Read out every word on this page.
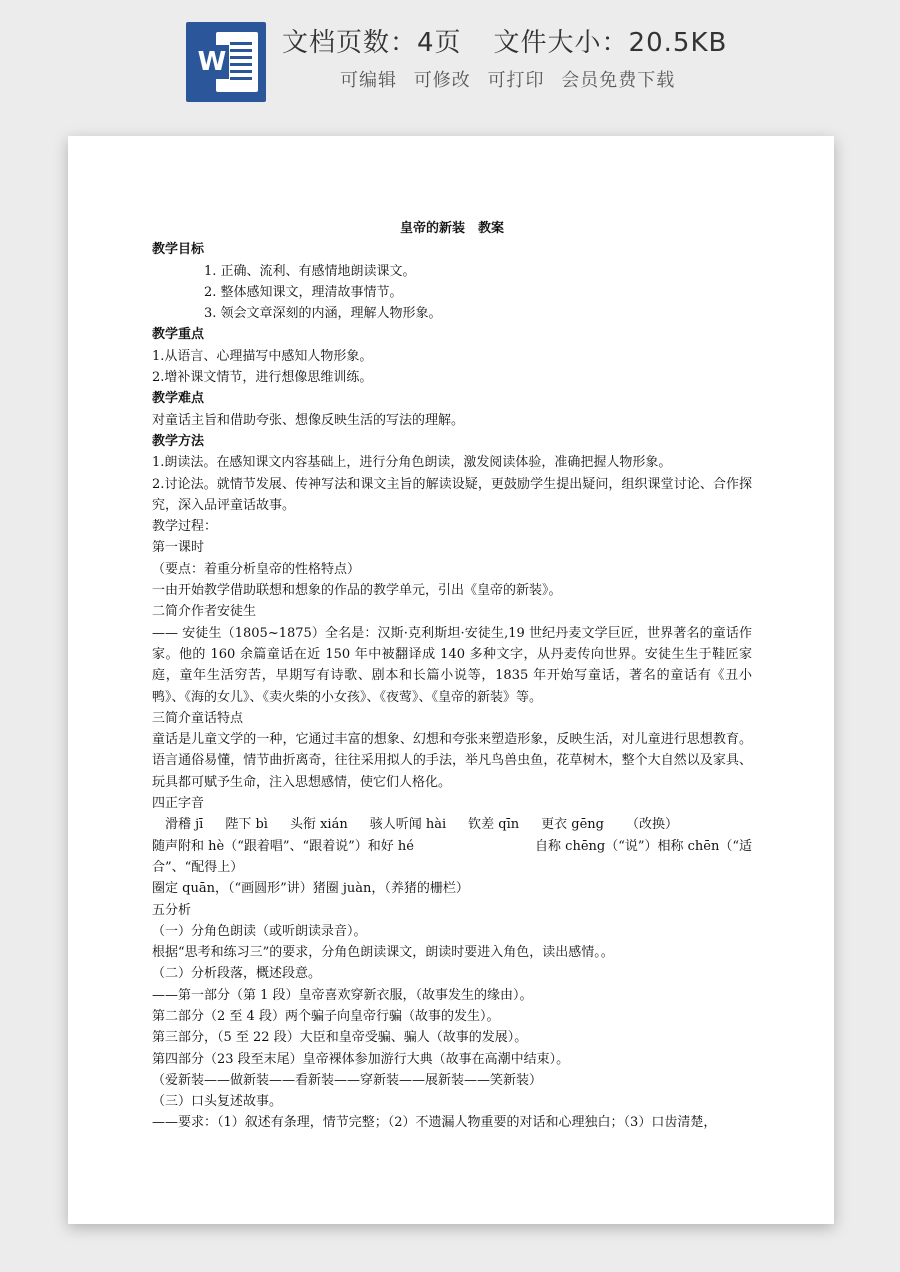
W
文档页数：4页 文件大小：20.5KB
可编辑 可修改 可打印 会员免费下载

皇帝的新装　教案

教学目标

1. 正确、流利、有感情地朗读课文。

2. 整体感知课文，理清故事情节。

3. 领会文章深刻的内涵，理解人物形象。

教学重点

1.从语言、心理描写中感知人物形象。

2.增补课文情节，进行想像思维训练。

教学难点

对童话主旨和借助夸张、想像反映生活的写法的理解。

教学方法

1.朗读法。在感知课文内容基础上，进行分角色朗读，激发阅读体验，准确把握人物形象。

2.讨论法。就情节发展、传神写法和课文主旨的解读设疑，更鼓励学生提出疑问，组织课堂讨论、合作探究，深入品评童话故事。

教学过程：

第一课时

（要点：着重分析皇帝的性格特点）

一由开始教学借助联想和想象的作品的教学单元，引出《皇帝的新装》。

二简介作者安徒生

—— 安徒生（1805~1875）全名是：汉斯·克利斯坦·安徒生,19 世纪丹麦文学巨匠，世界著名的童话作家。他的 160 余篇童话在近 150 年中被翻译成 140 多种文字，从丹麦传向世界。安徒生生于鞋匠家庭，童年生活穷苦，早期写有诗歌、剧本和长篇小说等，1835 年开始写童话，著名的童话有《丑小鸭》、《海的女儿》、《卖火柴的小女孩》、《夜莺》、《皇帝的新装》等。

三简介童话特点

童话是儿童文学的一种，它通过丰富的想象、幻想和夸张来塑造形象，反映生活，对儿童进行思想教育。语言通俗易懂，情节曲折离奇，往往采用拟人的手法，举凡鸟兽虫鱼，花草树木，整个大自然以及家具、玩具都可赋予生命，注入思想感情，使它们人格化。

四正字音

滑稽 jī 陛下 bì 头衔 xián 骇人听闻 hài 钦差 qīn 更衣 gēng （改换）

随声附和 hè（“跟着唱”、“跟着说”）和好 hé	自称 chēng（“说”）相称 chēn（“适

合”、“配得上）

圈定 quān，（“画圆形”讲）猪圈 juàn，（养猪的栅栏）

五分析

（一）分角色朗读（或听朗读录音）。

根据“思考和练习三”的要求，分角色朗读课文，朗读时要进入角色，读出感情。。

（二）分析段落，概述段意。

——第一部分（第 1 段）皇帝喜欢穿新衣服，（故事发生的缘由）。

第二部分（2 至 4 段）两个骗子向皇帝行骗（故事的发生）。

第三部分，（5 至 22 段）大臣和皇帝受骗、骗人（故事的发展）。

第四部分（23 段至末尾）皇帝裸体参加游行大典（故事在高潮中结束）。

（爱新装——做新装——看新装——穿新装——展新装——笑新装）

（三）口头复述故事。

——要求：（1）叙述有条理，情节完整；（2）不遗漏人物重要的对话和心理独白；（3）口齿清楚，
